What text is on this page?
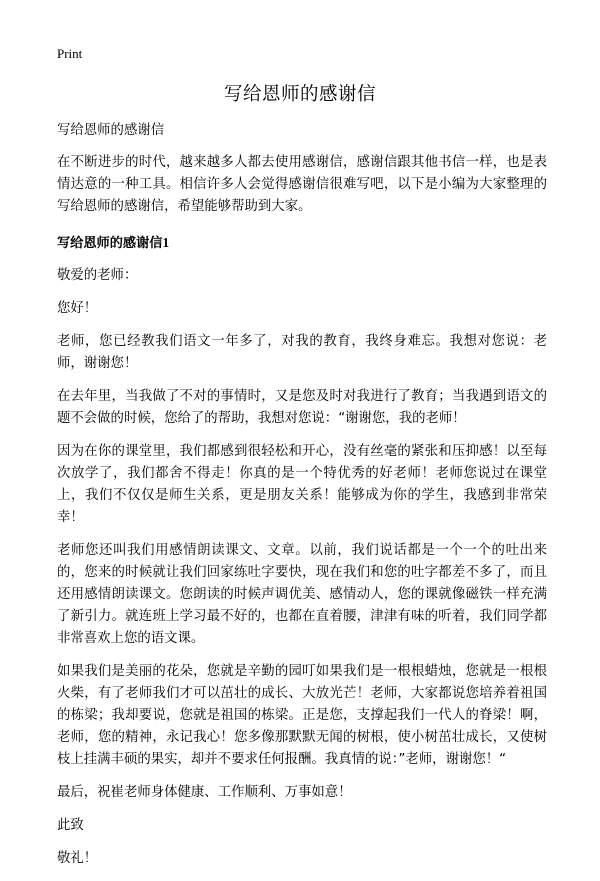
Print
写给恩师的感谢信

写给恩师的感谢信

在不断进步的时代，越来越多人都去使用感谢信，感谢信跟其他书信一样，也是表情达意的一种工具。相信许多人会觉得感谢信很难写吧，以下是小编为大家整理的写给恩师的感谢信，希望能够帮助到大家。

写给恩师的感谢信1

敬爱的老师：

您好！

老师，您已经教我们语文一年多了，对我的教育，我终身难忘。我想对您说：老师，谢谢您！

在去年里，当我做了不对的事情时，又是您及时对我进行了教育；当我遇到语文的题不会做的时候，您给了的帮助，我想对您说：“谢谢您，我的老师！

因为在你的课堂里，我们都感到很轻松和开心，没有丝毫的紧张和压抑感！以至每次放学了，我们都舍不得走！你真的是一个特优秀的好老师！老师您说过在课堂上，我们不仅仅是师生关系，更是朋友关系！能够成为你的学生，我感到非常荣幸！

老师您还叫我们用感情朗读课文、文章。以前，我们说话都是一个一个的吐出来的，您来的时候就让我们回家练吐字要快，现在我们和您的吐字都差不多了，而且还用感情朗读课文。您朗读的时候声调优美、感情动人，您的课就像磁铁一样充满了新引力。就连班上学习最不好的，也都在直着腰，津津有味的听着，我们同学都非常喜欢上您的语文课。

如果我们是美丽的花朵，您就是辛勤的园叮如果我们是一根根蜡烛，您就是一根根火柴，有了老师我们才可以茁壮的成长、大放光芒！老师，大家都说您培养着祖国的栋梁；我却要说，您就是祖国的栋梁。正是您，支撑起我们一代人的脊梁！啊，老师，您的精神，永记我心！您多像那默默无闻的树根，使小树茁壮成长，又使树枝上挂满丰硕的果实，却并不要求任何报酬。我真情的说：”老师，谢谢您！“

最后，祝崔老师身体健康、工作顺利、万事如意！

此致

敬礼！
